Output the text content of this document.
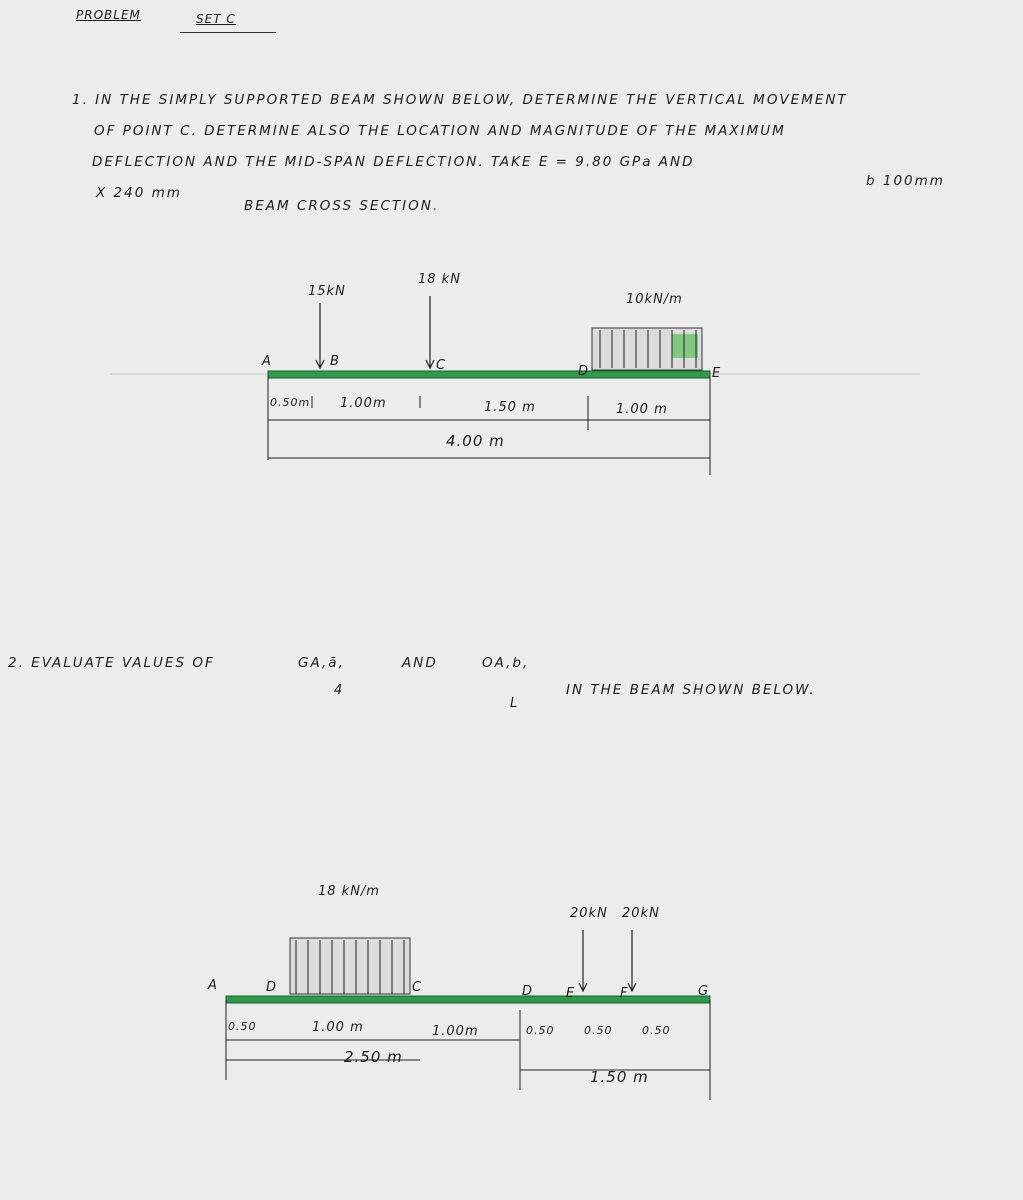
PROBLEM	SET C
1. IN THE SIMPLY SUPPORTED BEAM SHOWN BELOW, DETERMINE THE VERTICAL MOVEMENT
OF POINT C. DETERMINE ALSO THE LOCATION AND MAGNITUDE OF THE MAXIMUM
DEFLECTION AND THE MID-SPAN DEFLECTION. TAKE E = 9.80 GPa AND
b 100mm
X 240 mm
BEAM CROSS SECTION.
15kN
18 kN
10kN/m
A	B	C	D	E
0.50m 1.00m	1.50 m	1.00 m
4.00 m
2. EVALUATE VALUES OF	GA,ā,
4
AND	OA,b,
L
IN THE BEAM SHOWN BELOW.
18 kN/m
20kN 20kN
A	D	C	D	E	F	G
0.50	1.00 m	1.00m	0.50	0.50	0.50
2.50 m
1.50 m
